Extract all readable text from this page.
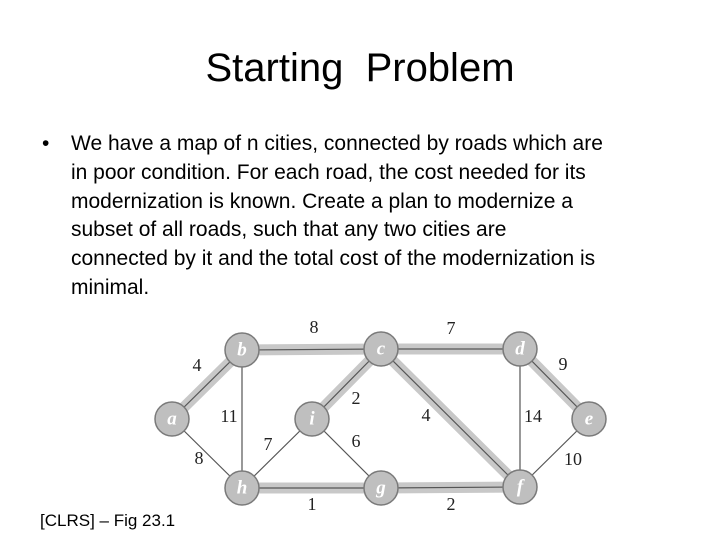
Starting  Problem
• We have a map of n cities, connected by roads which are
in poor condition. For each road, the cost needed for its
modernization is known. Create a plan to modernize a
subset of all roads, such that any two cities are
connected by it and the total cost of the modernization is
minimal.
4
8
8
11
7
2
4
9
14
10
2
1
6
7
a
b	c	d
e
f
g
h
i
[CLRS] – Fig 23.1
